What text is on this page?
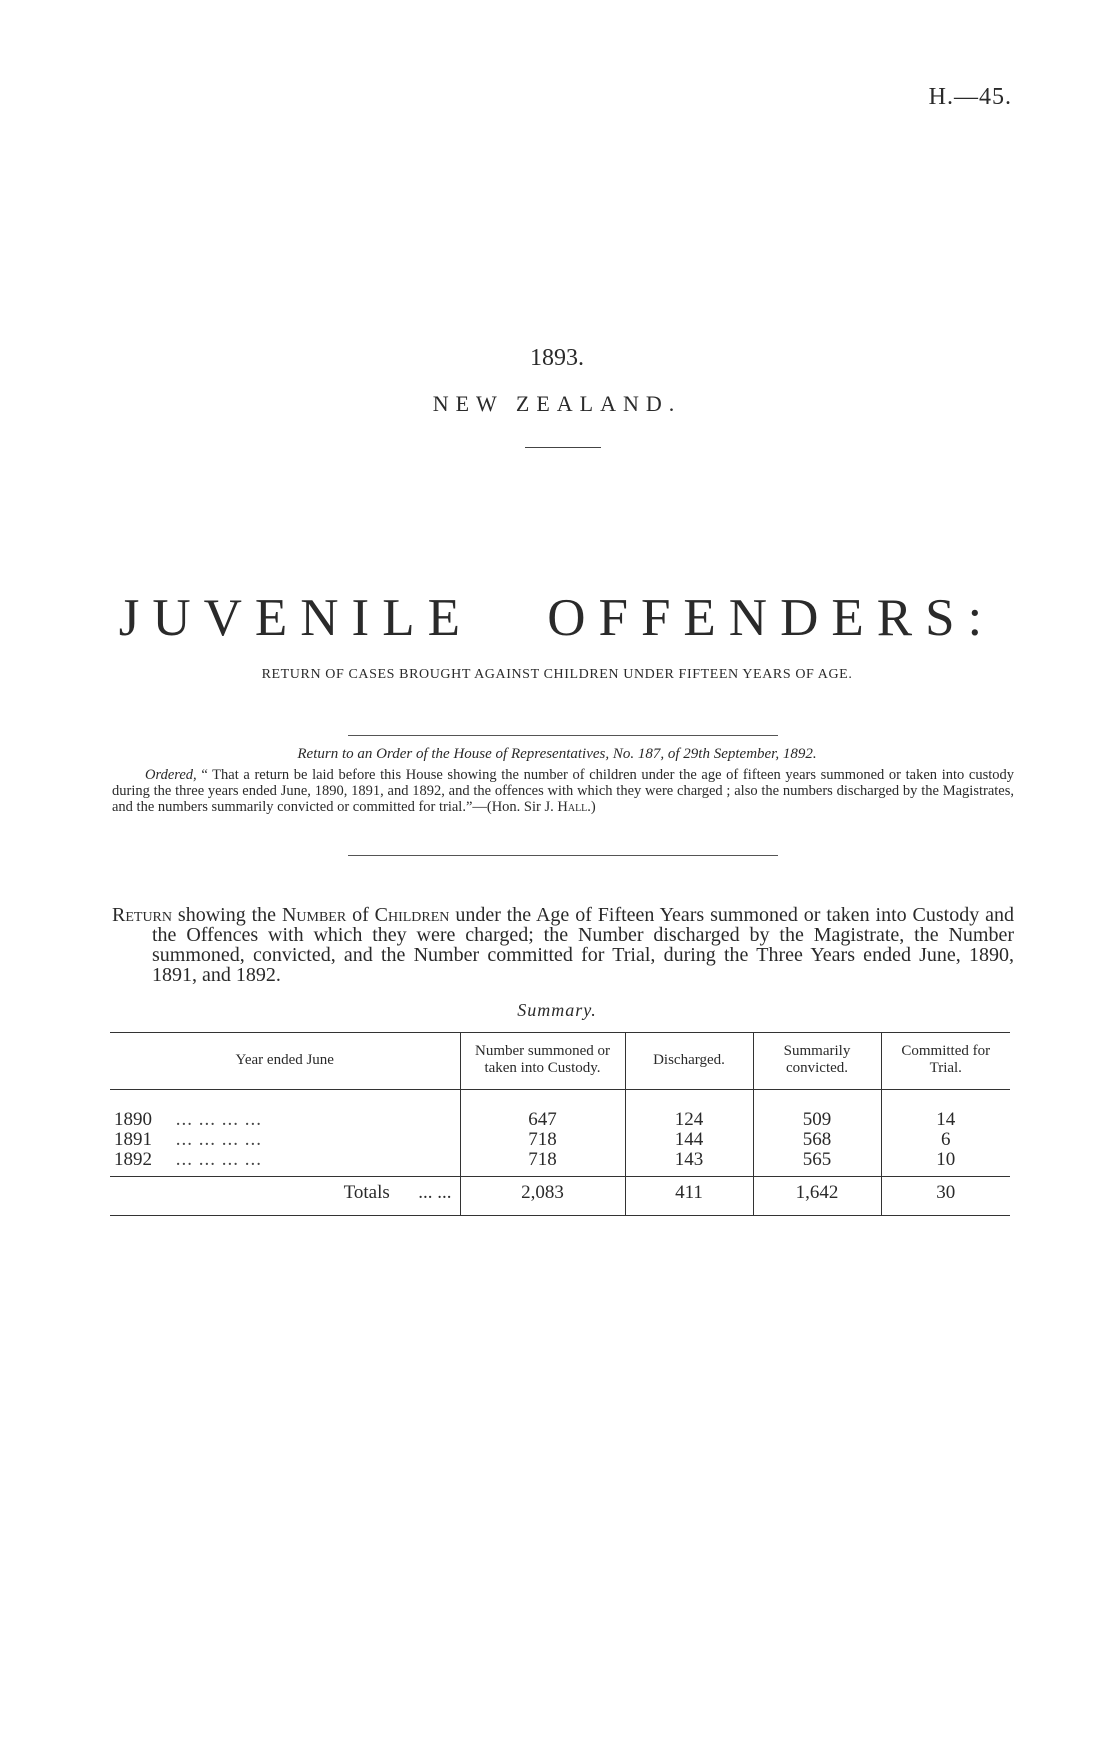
H.—45.
1893.
NEW ZEALAND.
JUVENILE OFFENDERS:
RETURN OF CASES BROUGHT AGAINST CHILDREN UNDER FIFTEEN YEARS OF AGE.
Return to an Order of the House of Representatives, No. 187, of 29th September, 1892.
Ordered, “ That a return be laid before this House showing the number of children under the age of fifteen years summoned or taken into custody during the three years ended June, 1890, 1891, and 1892, and the offences with which they were charged ; also the numbers discharged by the Magistrates, and the numbers summarily convicted or committed for trial.”—(Hon. Sir J. Hall.)
Return showing the Number of Children under the Age of Fifteen Years summoned or taken into Custody and the Offences with which they were charged; the Number discharged by the Magistrate, the Number summoned, convicted, and the Number committed for Trial, during the Three Years ended June, 1890, 1891, and 1892.
Summary.
Year ended June	Number summoned or taken into Custody.	Discharged.	Summarily convicted.	Committed for Trial.

1890 ... ... ... ...	647	124	509	14
1891 ... ... ... ...	718	144	568	6
1892 ... ... ... ...	718	143	565	10

Totals ... ...	2,083	411	1,642	30
